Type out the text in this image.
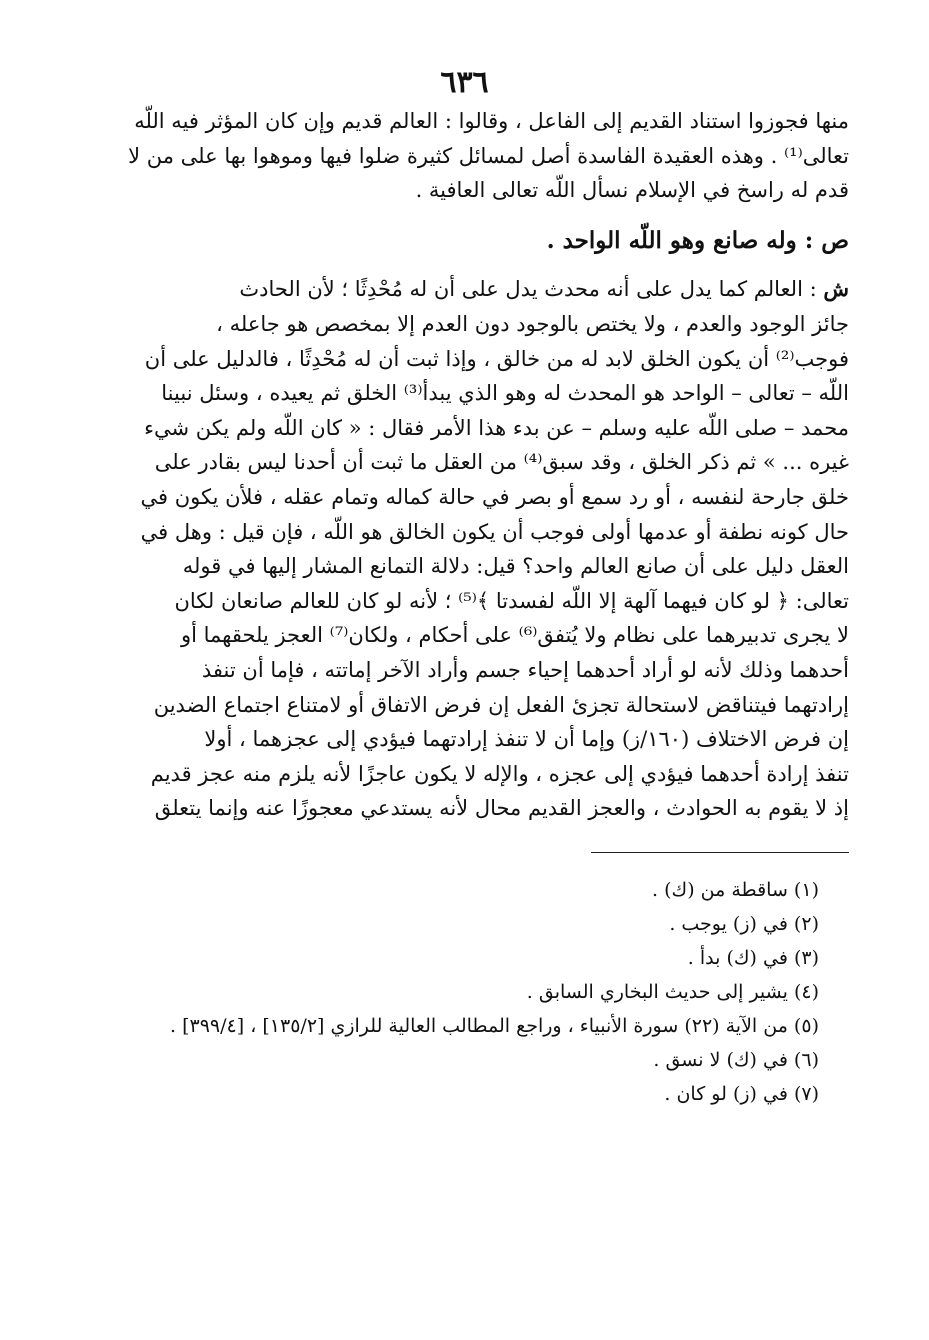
٦٣٦
منها فجوزوا استناد القديم إلى الفاعل ، وقالوا : العالم قديم وإن كان المؤثر فيه اللّه
تعالى⁽¹⁾ . وهذه العقيدة الفاسدة أصل لمسائل كثيرة ضلوا فيها وموهوا بها على من لا
قدم له راسخ في الإسلام نسأل اللّه تعالى العافية .
ص : وله صانع وهو اللّه الواحد .
ش : العالم كما يدل على أنه محدث يدل على أن له مُحْدِثًا ؛ لأن الحادث
جائز الوجود والعدم ، ولا يختص بالوجود دون العدم إلا بمخصص هو جاعله ،
فوجب⁽²⁾ أن يكون الخلق لابد له من خالق ، وإذا ثبت أن له مُحْدِثًا ، فالدليل على أن
اللّه – تعالى – الواحد هو المحدث له وهو الذي يبدأ⁽³⁾ الخلق ثم يعيده ، وسئل نبينا
محمد – صلى اللّه عليه وسلم – عن بدء هذا الأمر فقال : « كان اللّه ولم يكن شيء
غيره ... » ثم ذكر الخلق ، وقد سبق⁽⁴⁾ من العقل ما ثبت أن أحدنا ليس بقادر على
خلق جارحة لنفسه ، أو رد سمع أو بصر في حالة كماله وتمام عقله ، فلأن يكون في
حال كونه نطفة أو عدمها أولى فوجب أن يكون الخالق هو اللّه ، فإن قيل : وهل في
العقل دليل على أن صانع العالم واحد؟ قيل: دلالة التمانع المشار إليها في قوله
تعالى: ﴿ لو كان فيهما آلهة إلا اللّه لفسدتا ﴾⁽⁵⁾ ؛ لأنه لو كان للعالم صانعان لكان
لا يجرى تدبيرهما على نظام ولا يُتفق⁽⁶⁾ على أحكام ، ولكان⁽⁷⁾ العجز يلحقهما أو
أحدهما وذلك لأنه لو أراد أحدهما إحياء جسم وأراد الآخر إماتته ، فإما أن تنفذ
إرادتهما فيتناقض لاستحالة تجزئ الفعل إن فرض الاتفاق أو لامتناع اجتماع الضدين
إن فرض الاختلاف (١٦٠/ز) وإما أن لا تنفذ إرادتهما فيؤدي إلى عجزهما ، أولا
تنفذ إرادة أحدهما فيؤدي إلى عجزه ، والإله لا يكون عاجزًا لأنه يلزم منه عجز قديم
إذ لا يقوم به الحوادث ، والعجز القديم محال لأنه يستدعي معجوزًا عنه وإنما يتعلق
(١) ساقطة من (ك) .
(٢) في (ز) يوجب .
(٣) في (ك) بدأ .
(٤) يشير إلى حديث البخاري السابق .
(٥) من الآية (٢٢) سورة الأنبياء ، وراجع المطالب العالية للرازي [١٣٥/٢] ، [٣٩٩/٤] .
(٦) في (ك) لا نسق .
(٧) في (ز) لو كان .
